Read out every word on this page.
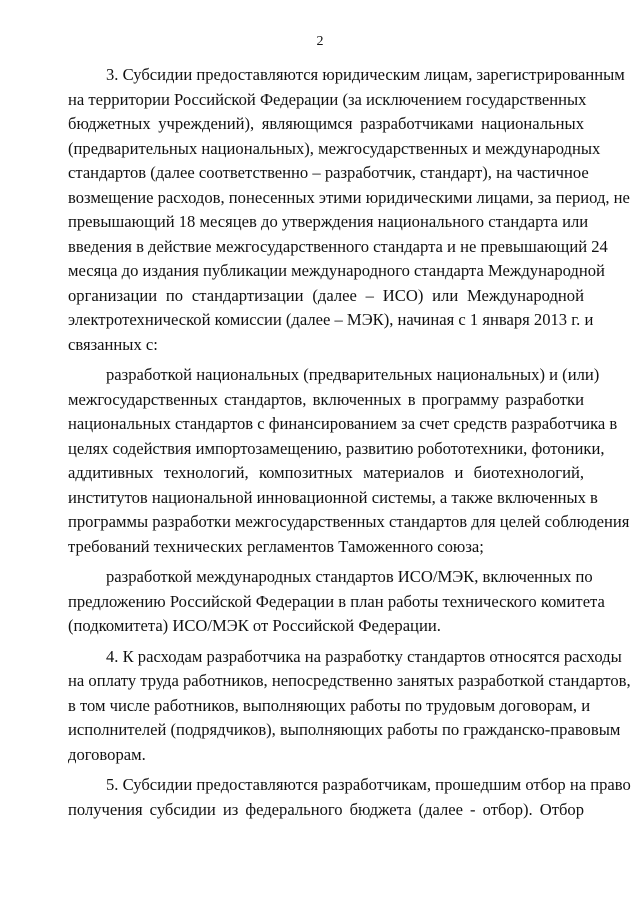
2

3. Субсидии предоставляются юридическим лицам, зарегистрированным
на территории Российской Федерации (за исключением государственных
бюджетных учреждений), являющимся разработчиками национальных
(предварительных национальных), межгосударственных и международных
стандартов (далее соответственно – разработчик, стандарт), на частичное
возмещение расходов, понесенных этими юридическими лицами, за период, не
превышающий 18 месяцев до утверждения национального стандарта или
введения в действие межгосударственного стандарта и не превышающий 24
месяца до издания публикации международного стандарта Международной
организации по стандартизации (далее – ИСО) или Международной
электротехнической комиссии (далее – МЭК), начиная с 1 января 2013 г. и
связанных с:

разработкой национальных (предварительных национальных) и (или)
межгосударственных стандартов, включенных в программу разработки
национальных стандартов с финансированием за счет средств разработчика в
целях содействия импортозамещению, развитию робототехники, фотоники,
аддитивных технологий, композитных материалов и биотехнологий,
институтов национальной инновационной системы, а также включенных в
программы разработки межгосударственных стандартов для целей соблюдения
требований технических регламентов Таможенного союза;

разработкой международных стандартов ИСО/МЭК, включенных по
предложению Российской Федерации в план работы технического комитета
(подкомитета) ИСО/МЭК от Российской Федерации.

4. К расходам разработчика на разработку стандартов относятся расходы
на оплату труда работников, непосредственно занятых разработкой стандартов,
в том числе работников, выполняющих работы по трудовым договорам, и
исполнителей (подрядчиков), выполняющих работы по гражданско-правовым
договорам.

5. Субсидии предоставляются разработчикам, прошедшим отбор на право
получения субсидии из федерального бюджета (далее - отбор). Отбор
